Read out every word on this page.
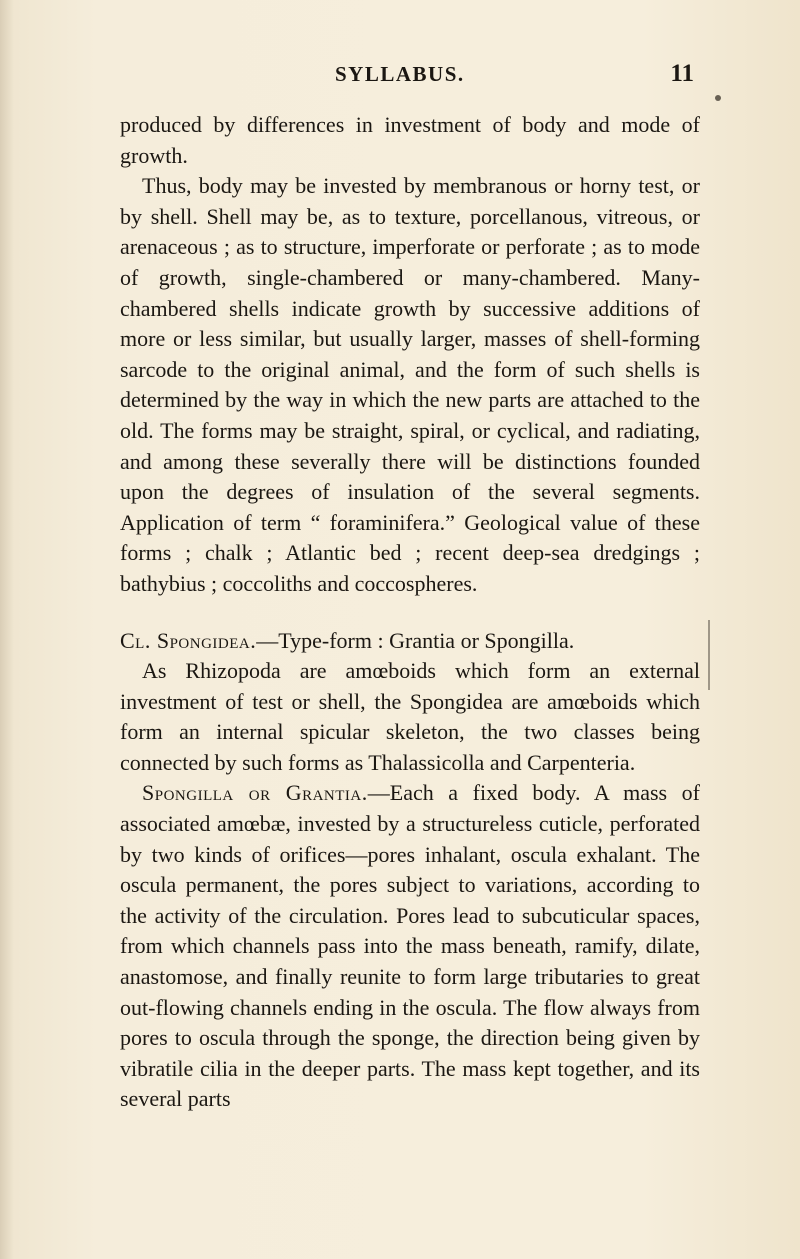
SYLLABUS.	11

produced by differences in investment of body and mode of growth.

Thus, body may be invested by membranous or horny test, or by shell. Shell may be, as to texture, porcellanous, vitreous, or arenaceous ; as to structure, imperforate or perforate ; as to mode of growth, single-chambered or many-chambered. Many-chambered shells indicate growth by successive additions of more or less similar, but usually larger, masses of shell-forming sarcode to the original animal, and the form of such shells is determined by the way in which the new parts are attached to the old. The forms may be straight, spiral, or cyclical, and radiating, and among these severally there will be distinctions founded upon the degrees of insulation of the several segments. Application of term “ foraminifera.” Geological value of these forms ; chalk ; Atlantic bed ; recent deep-sea dredgings ; bathybius ; coccoliths and coccospheres.

Cl. Spongidea.—Type-form : Grantia or Spongilla.

As Rhizopoda are amœboids which form an external investment of test or shell, the Spongidea are amœboids which form an internal spicular skeleton, the two classes being connected by such forms as Thalassicolla and Carpenteria.

Spongilla or Grantia.—Each a fixed body. A mass of associated amœbæ, invested by a structureless cuticle, perforated by two kinds of orifices—pores inhalant, oscula exhalant. The oscula permanent, the pores subject to variations, according to the activity of the circulation. Pores lead to subcuticular spaces, from which channels pass into the mass beneath, ramify, dilate, anastomose, and finally reunite to form large tributaries to great out-flowing channels ending in the oscula. The flow always from pores to oscula through the sponge, the direction being given by vibratile cilia in the deeper parts. The mass kept together, and its several parts
